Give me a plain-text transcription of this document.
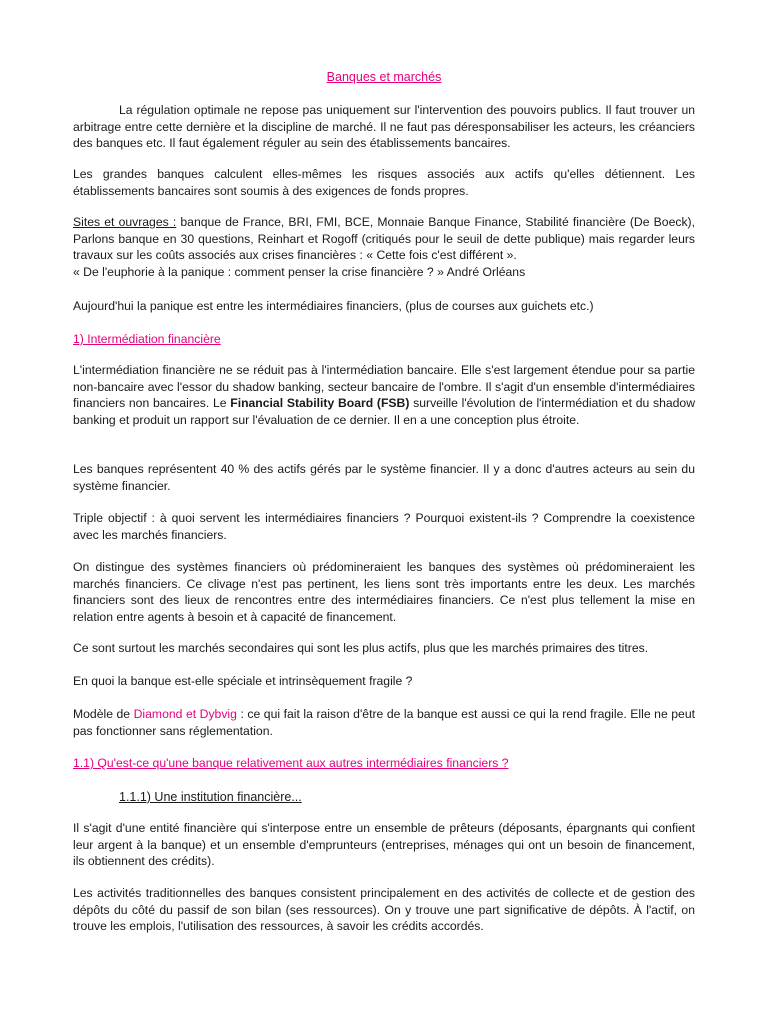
Banques et marchés

La régulation optimale ne repose pas uniquement sur l'intervention des pouvoirs publics. Il faut trouver un arbitrage entre cette dernière et la discipline de marché. Il ne faut pas déresponsabiliser les acteurs, les créanciers des banques etc. Il faut également réguler au sein des établissements bancaires.

Les grandes banques calculent elles-mêmes les risques associés aux actifs qu'elles détiennent. Les établissements bancaires sont soumis à des exigences de fonds propres.

Sites et ouvrages : banque de France, BRI, FMI, BCE, Monnaie Banque Finance, Stabilité financière (De Boeck), Parlons banque en 30 questions, Reinhart et Rogoff (critiqués pour le seuil de dette publique) mais regarder leurs travaux sur les coûts associés aux crises financières : « Cette fois c'est différent ».
« De l'euphorie à la panique : comment penser la crise financière ? » André Orléans

Aujourd'hui la panique est entre les intermédiaires financiers, (plus de courses aux guichets etc.)

1) Intermédiation financière

L'intermédiation financière ne se réduit pas à l'intermédiation bancaire. Elle s'est largement étendue pour sa partie non-bancaire avec l'essor du shadow banking, secteur bancaire de l'ombre. Il s'agit d'un ensemble d'intermédiaires financiers non bancaires. Le Financial Stability Board (FSB) surveille l'évolution de l'intermédiation et du shadow banking et produit un rapport sur l'évaluation de ce dernier. Il en a une conception plus étroite.

Les banques représentent 40 % des actifs gérés par le système financier. Il y a donc d'autres acteurs au sein du système financier.

Triple objectif : à quoi servent les intermédiaires financiers ? Pourquoi existent-ils ? Comprendre la coexistence avec les marchés financiers.

On distingue des systèmes financiers où prédomineraient les banques des systèmes où prédomineraient les marchés financiers. Ce clivage n'est pas pertinent, les liens sont très importants entre les deux. Les marchés financiers sont des lieux de rencontres entre des intermédiaires financiers. Ce n'est plus tellement la mise en relation entre agents à besoin et à capacité de financement.

Ce sont surtout les marchés secondaires qui sont les plus actifs, plus que les marchés primaires des titres.

En quoi la banque est-elle spéciale et intrinsèquement fragile ?

Modèle de Diamond et Dybvig : ce qui fait la raison d'être de la banque est aussi ce qui la rend fragile. Elle ne peut pas fonctionner sans réglementation.

1.1) Qu'est-ce qu'une banque relativement aux autres intermédiaires financiers ?
1.1.1) Une institution financière...

Il s'agit d'une entité financière qui s'interpose entre un ensemble de prêteurs (déposants, épargnants qui confient leur argent à la banque) et un ensemble d'emprunteurs (entreprises, ménages qui ont un besoin de financement, ils obtiennent des crédits).

Les activités traditionnelles des banques consistent principalement en des activités de collecte et de gestion des dépôts du côté du passif de son bilan (ses ressources). On y trouve une part significative de dépôts. À l'actif, on trouve les emplois, l'utilisation des ressources, à savoir les crédits accordés.
